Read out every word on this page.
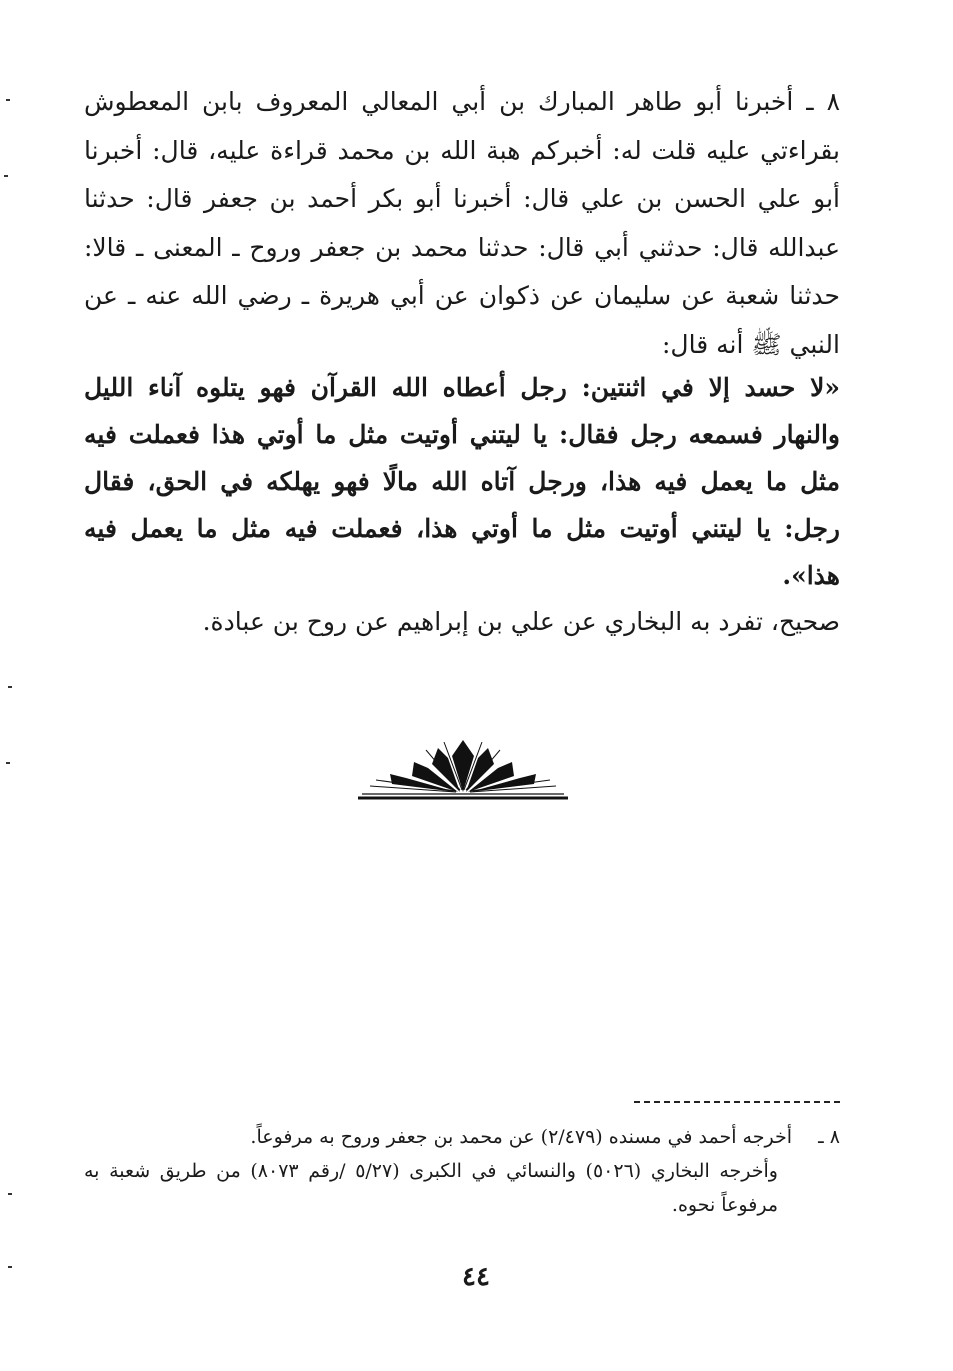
٨ ـ أخبرنا أبو طاهر المبارك بن أبي المعالي المعروف بابن المعطوش بقراءتي عليه قلت له: أخبركم هبة الله بن محمد قراءة عليه، قال: أخبرنا أبو علي الحسن بن علي قال: أخبرنا أبو بكر أحمد بن جعفر قال: حدثنا عبدالله قال: حدثني أبي قال: حدثنا محمد بن جعفر وروح ـ المعنى ـ قالا: حدثنا شعبة عن سليمان عن ذكوان عن أبي هريرة ـ رضي الله عنه ـ عن النبي ﷺ أنه قال:

«لا حسد إلا في اثنتين: رجل أعطاه الله القرآن فهو يتلوه آناء الليل والنهار فسمعه رجل فقال: يا ليتني أوتيت مثل ما أوتي هذا فعملت فيه مثل ما يعمل فيه هذا، ورجل آتاه الله مالًا فهو يهلكه في الحق، فقال رجل: يا ليتني أوتيت مثل ما أوتي هذا، فعملت فيه مثل ما يعمل فيه هذا».

صحيح، تفرد به البخاري عن علي بن إبراهيم عن روح بن عبادة.

٨ ـ
أخرجه أحمد في مسنده (٢/٤٧٩) عن محمد بن جعفر وروح به مرفوعاً.
وأخرجه البخاري (٥٠٢٦) والنسائي في الكبرى (٥/٢٧ /رقم ٨٠٧٣) من طريق شعبة به مرفوعاً نحوه.
٤٤
